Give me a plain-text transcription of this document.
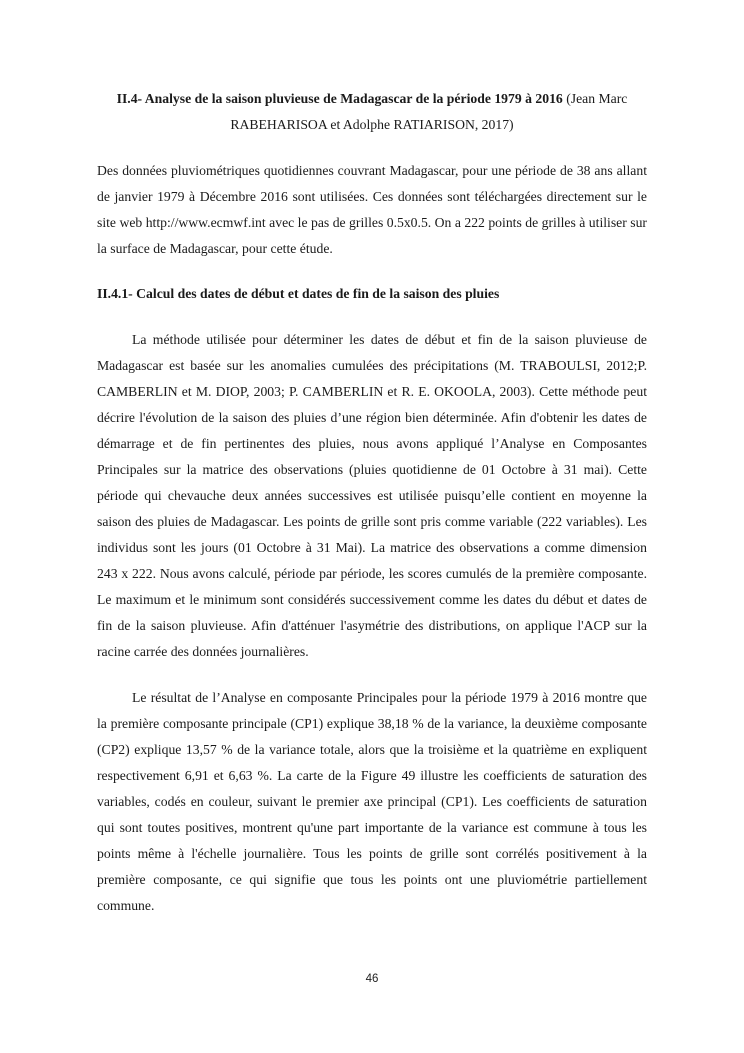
II.4- Analyse de la saison pluvieuse de Madagascar de la période 1979 à 2016 (Jean Marc RABEHARISOA et Adolphe RATIARISON, 2017)

Des données pluviométriques quotidiennes couvrant Madagascar, pour une période de 38 ans allant de janvier 1979 à Décembre 2016 sont utilisées. Ces données sont téléchargées directement sur le site web http://www.ecmwf.int avec le pas de grilles 0.5x0.5. On a 222 points de grilles à utiliser sur la surface de Madagascar, pour cette étude.

II.4.1- Calcul des dates de début et dates de fin de la saison des pluies

La méthode utilisée pour déterminer les dates de début et fin de la saison pluvieuse de Madagascar est basée sur les anomalies cumulées des précipitations (M. TRABOULSI, 2012;P. CAMBERLIN et M. DIOP, 2003; P. CAMBERLIN et R. E. OKOOLA, 2003). Cette méthode peut décrire l'évolution de la saison des pluies d’une région bien déterminée. Afin d'obtenir les dates de démarrage et de fin pertinentes des pluies, nous avons appliqué l’Analyse en Composantes Principales sur la matrice des observations (pluies quotidienne de 01 Octobre à 31 mai). Cette période qui chevauche deux années successives est utilisée puisqu’elle contient en moyenne la saison des pluies de Madagascar. Les points de grille sont pris comme variable (222 variables). Les individus sont les jours (01 Octobre à 31 Mai). La matrice des observations a comme dimension 243 x 222. Nous avons calculé, période par période, les scores cumulés de la première composante. Le maximum et le minimum sont considérés successivement comme les dates du début et dates de fin de la saison pluvieuse. Afin d'atténuer l'asymétrie des distributions, on applique l'ACP sur la racine carrée des données journalières.

Le résultat de l’Analyse en composante Principales pour la période 1979 à 2016 montre que la première composante principale (CP1) explique 38,18 % de la variance, la deuxième composante (CP2) explique 13,57 % de la variance totale, alors que la troisième et la quatrième en expliquent respectivement 6,91 et 6,63 %. La carte de la Figure 49 illustre les coefficients de saturation des variables, codés en couleur, suivant le premier axe principal (CP1). Les coefficients de saturation qui sont toutes positives, montrent qu'une part importante de la variance est commune à tous les points même à l'échelle journalière. Tous les points de grille sont corrélés positivement à la première composante, ce qui signifie que tous les points ont une pluviométrie partiellement commune.

46
